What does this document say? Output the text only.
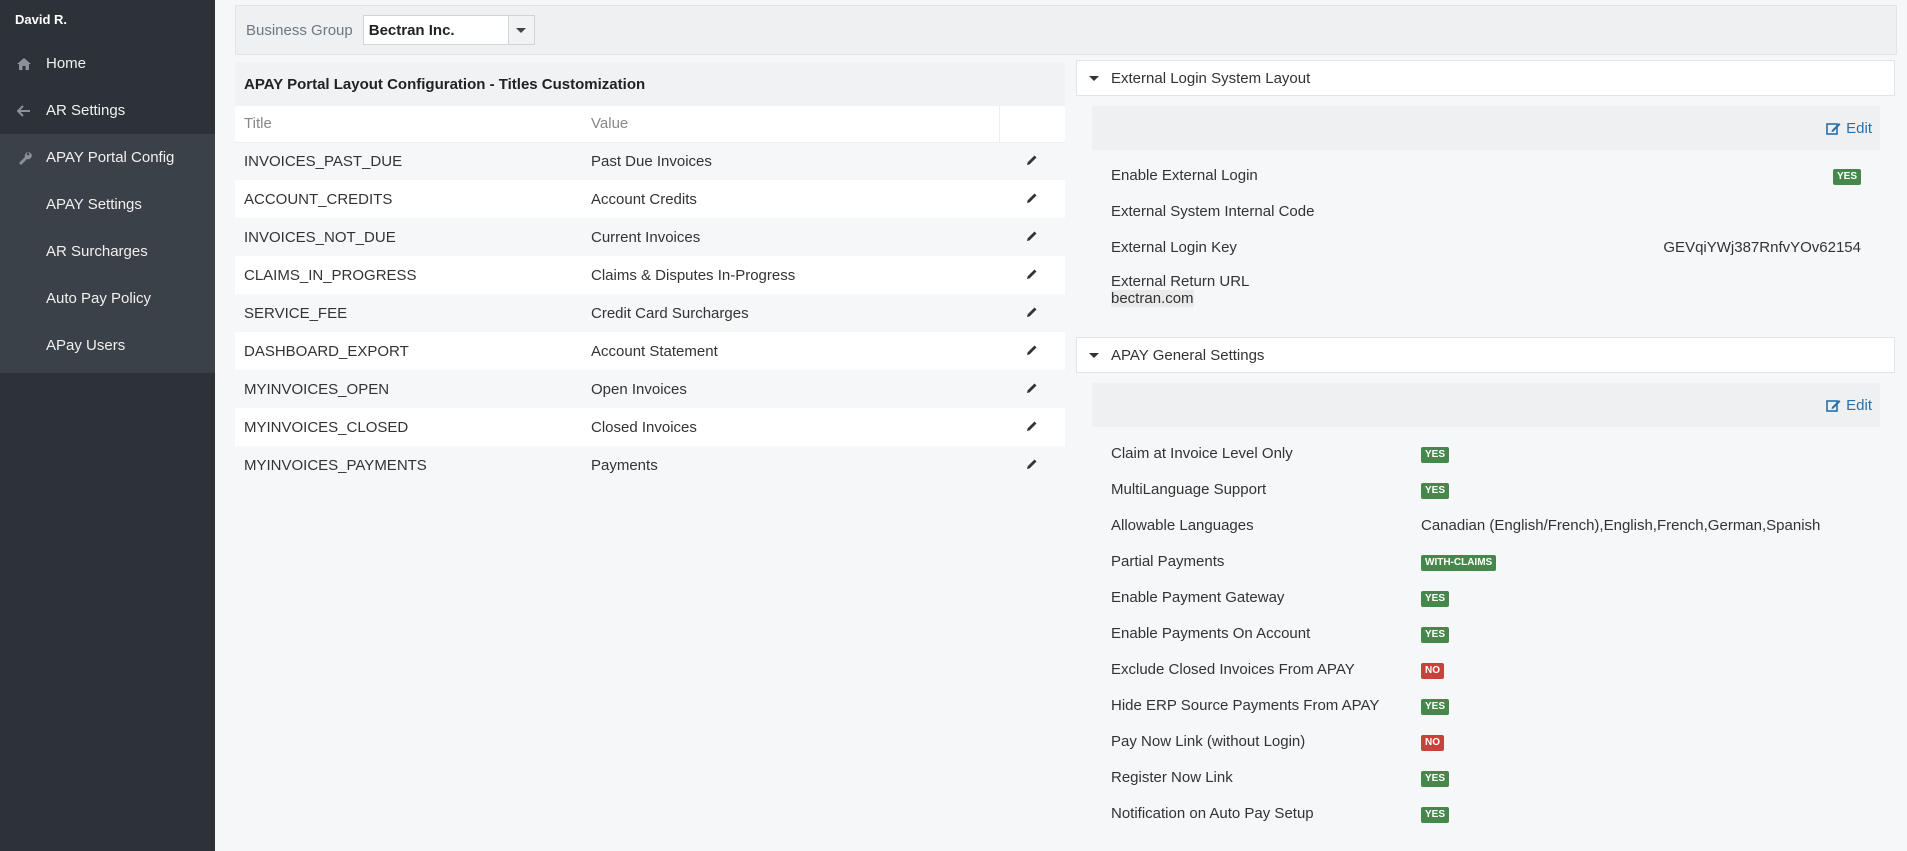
David R.
Home
AR Settings
APAY Portal Config
APAY Settings
AR Surcharges
Auto Pay Policy
APay Users
Business Group	Bectran Inc.
APAY Portal Layout Configuration - Titles Customization
Title	Value	
INVOICES_PAST_DUE	Past Due Invoices	
ACCOUNT_CREDITS	Account Credits	
INVOICES_NOT_DUE	Current Invoices	
CLAIMS_IN_PROGRESS	Claims & Disputes In-Progress	
SERVICE_FEE	Credit Card Surcharges	
DASHBOARD_EXPORT	Account Statement	
MYINVOICES_OPEN	Open Invoices	
MYINVOICES_CLOSED	Closed Invoices	
MYINVOICES_PAYMENTS	Payments	
External Login System Layout
Edit
Enable External Login	YES
External System Internal Code
External Login Key	GEVqiYWj387RnfvYOv62154
External Return URL
bectran.com
APAY General Settings
Edit
Claim at Invoice Level Only	YES
MultiLanguage Support	YES
Allowable Languages	Canadian (English/French),English,French,German,Spanish
Partial Payments	WITH-CLAIMS
Enable Payment Gateway	YES
Enable Payments On Account	YES
Exclude Closed Invoices From APAY	NO
Hide ERP Source Payments From APAY	YES
Pay Now Link (without Login)	NO
Register Now Link	YES
Notification on Auto Pay Setup	YES
